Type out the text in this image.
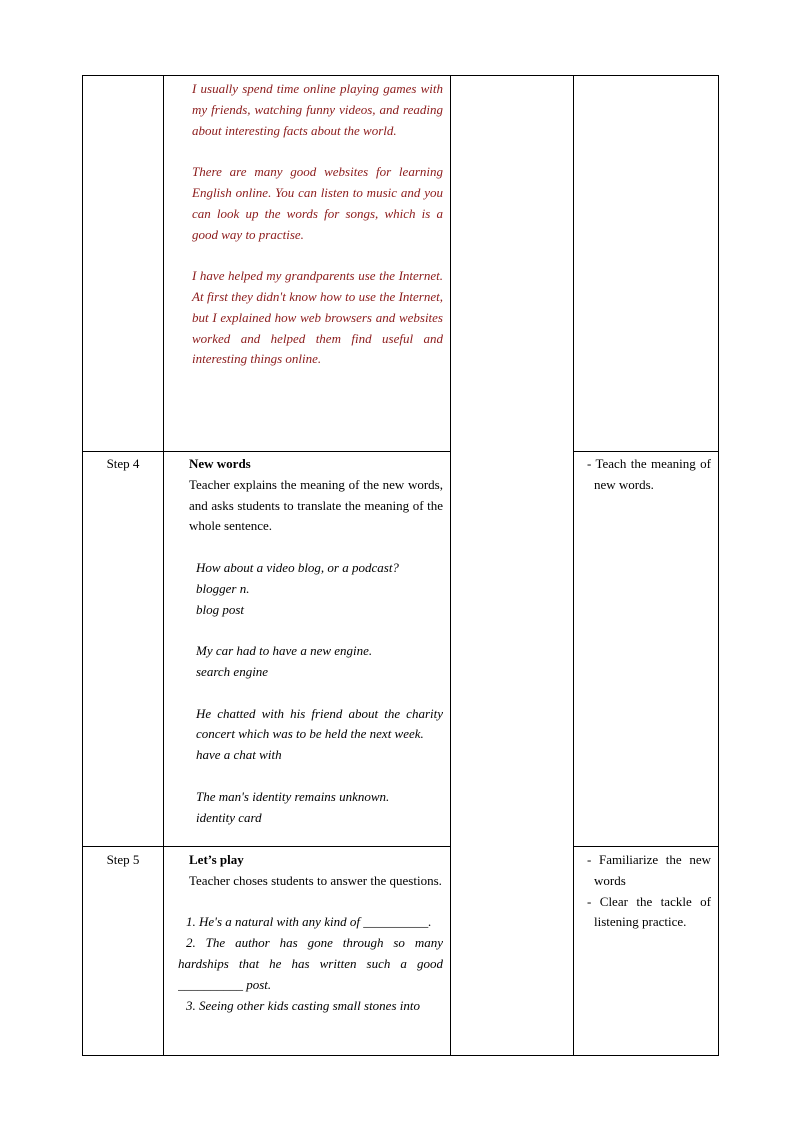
I usually spend time online playing games with my friends, watching funny videos, and reading about interesting facts about the world.

There are many good websites for learning English online. You can listen to music and you can look up the words for songs, which is a good way to practise.

I have helped my grandparents use the Internet. At first they didn't know how to use the Internet, but I explained how web browsers and websites worked and helped them find useful and interesting things online.

Step 4	New words

Teacher explains the meaning of the new words, and asks students to translate the meaning of the whole sentence.

How about a video blog, or a podcast?

blogger n.

blog post

My car had to have a new engine.

search engine

He chatted with his friend about the charity concert which was to be held the next week.

have a chat with

The man's identity remains unknown.

identity card

- Teach the meaning of new words.

Step 5	Let’s play

Teacher choses students to answer the questions.

1. He's a natural with any kind of __________.

2. The author has gone through so many hardships that he has written such a good __________ post.

3. Seeing other kids casting small stones into

- Familiarize the new words

- Clear the tackle of listening practice.
